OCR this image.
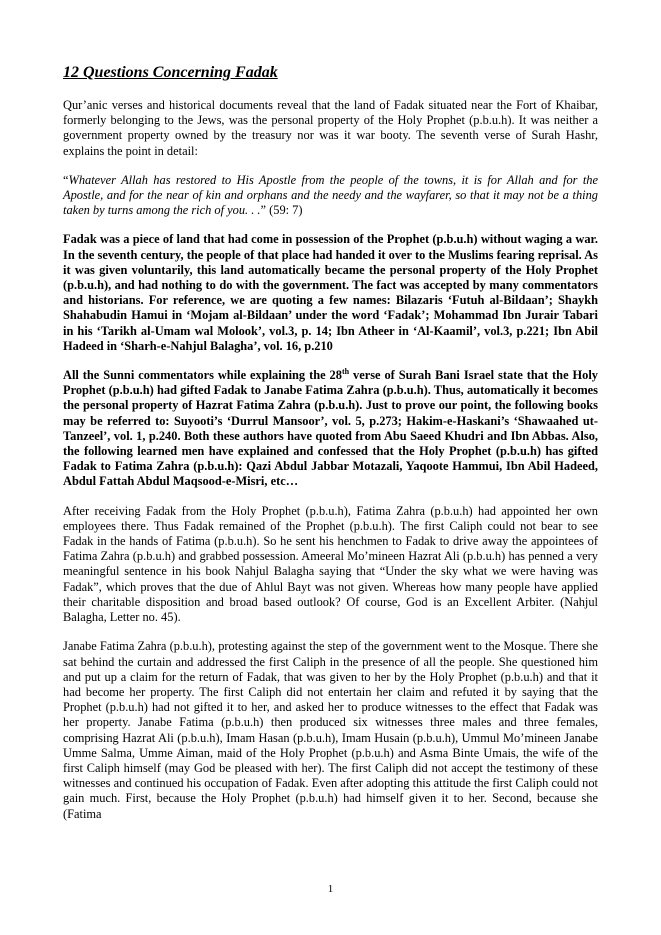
12 Questions Concerning Fadak

Qur’anic verses and historical documents reveal that the land of Fadak situated near the Fort of Khaibar, formerly belonging to the Jews, was the personal property of the Holy Prophet (p.b.u.h). It was neither a government property owned by the treasury nor was it war booty. The seventh verse of Surah Hashr, explains the point in detail:

“Whatever Allah has restored to His Apostle from the people of the towns, it is for Allah and for the Apostle, and for the near of kin and orphans and the needy and the wayfarer, so that it may not be a thing taken by turns among the rich of you. . .” (59: 7)

Fadak was a piece of land that had come in possession of the Prophet (p.b.u.h) without waging a war. In the seventh century, the people of that place had handed it over to the Muslims fearing reprisal. As it was given voluntarily, this land automatically became the personal property of the Holy Prophet (p.b.u.h), and had nothing to do with the government. The fact was accepted by many commentators and historians. For reference, we are quoting a few names: Bilazaris ‘Futuh al-Bildaan’; Shaykh Shahabudin Hamui in ‘Mojam al-Bildaan’ under the word ‘Fadak’; Mohammad Ibn Jurair Tabari in his ‘Tarikh al-Umam wal Molook’, vol.3, p. 14; Ibn Atheer in ‘Al-Kaamil’, vol.3, p.221; Ibn Abil Hadeed in ‘Sharh-e-Nahjul Balagha’, vol. 16, p.210

All the Sunni commentators while explaining the 28th verse of Surah Bani Israel state that the Holy Prophet (p.b.u.h) had gifted Fadak to Janabe Fatima Zahra (p.b.u.h). Thus, automatically it becomes the personal property of Hazrat Fatima Zahra (p.b.u.h). Just to prove our point, the following books may be referred to: Suyooti’s ‘Durrul Mansoor’, vol. 5, p.273; Hakim-e-Haskani’s ‘Shawaahed ut-Tanzeel’, vol. 1, p.240. Both these authors have quoted from Abu Saeed Khudri and Ibn Abbas. Also, the following learned men have explained and confessed that the Holy Prophet (p.b.u.h) has gifted Fadak to Fatima Zahra (p.b.u.h): Qazi Abdul Jabbar Motazali, Yaqoote Hammui, Ibn Abil Hadeed, Abdul Fattah Abdul Maqsood-e-Misri, etc…

After receiving Fadak from the Holy Prophet (p.b.u.h), Fatima Zahra (p.b.u.h) had appointed her own employees there. Thus Fadak remained of the Prophet (p.b.u.h). The first Caliph could not bear to see Fadak in the hands of Fatima (p.b.u.h). So he sent his henchmen to Fadak to drive away the appointees of Fatima Zahra (p.b.u.h) and grabbed possession. Ameeral Mo’mineen Hazrat Ali (p.b.u.h) has penned a very meaningful sentence in his book Nahjul Balagha saying that “Under the sky what we were having was Fadak”, which proves that the due of Ahlul Bayt was not given. Whereas how many people have applied their charitable disposition and broad based outlook? Of course, God is an Excellent Arbiter. (Nahjul Balagha, Letter no. 45).

Janabe Fatima Zahra (p.b.u.h), protesting against the step of the government went to the Mosque. There she sat behind the curtain and addressed the first Caliph in the presence of all the people. She questioned him and put up a claim for the return of Fadak, that was given to her by the Holy Prophet (p.b.u.h) and that it had become her property. The first Caliph did not entertain her claim and refuted it by saying that the Prophet (p.b.u.h) had not gifted it to her, and asked her to produce witnesses to the effect that Fadak was her property. Janabe Fatima (p.b.u.h) then produced six witnesses three males and three females, comprising Hazrat Ali (p.b.u.h), Imam Hasan (p.b.u.h), Imam Husain (p.b.u.h), Ummul Mo’mineen Janabe Umme Salma, Umme Aiman, maid of the Holy Prophet (p.b.u.h) and Asma Binte Umais, the wife of the first Caliph himself (may God be pleased with her). The first Caliph did not accept the testimony of these witnesses and continued his occupation of Fadak. Even after adopting this attitude the first Caliph could not gain much. First, because the Holy Prophet (p.b.u.h) had himself given it to her. Second, because she (Fatima

1
